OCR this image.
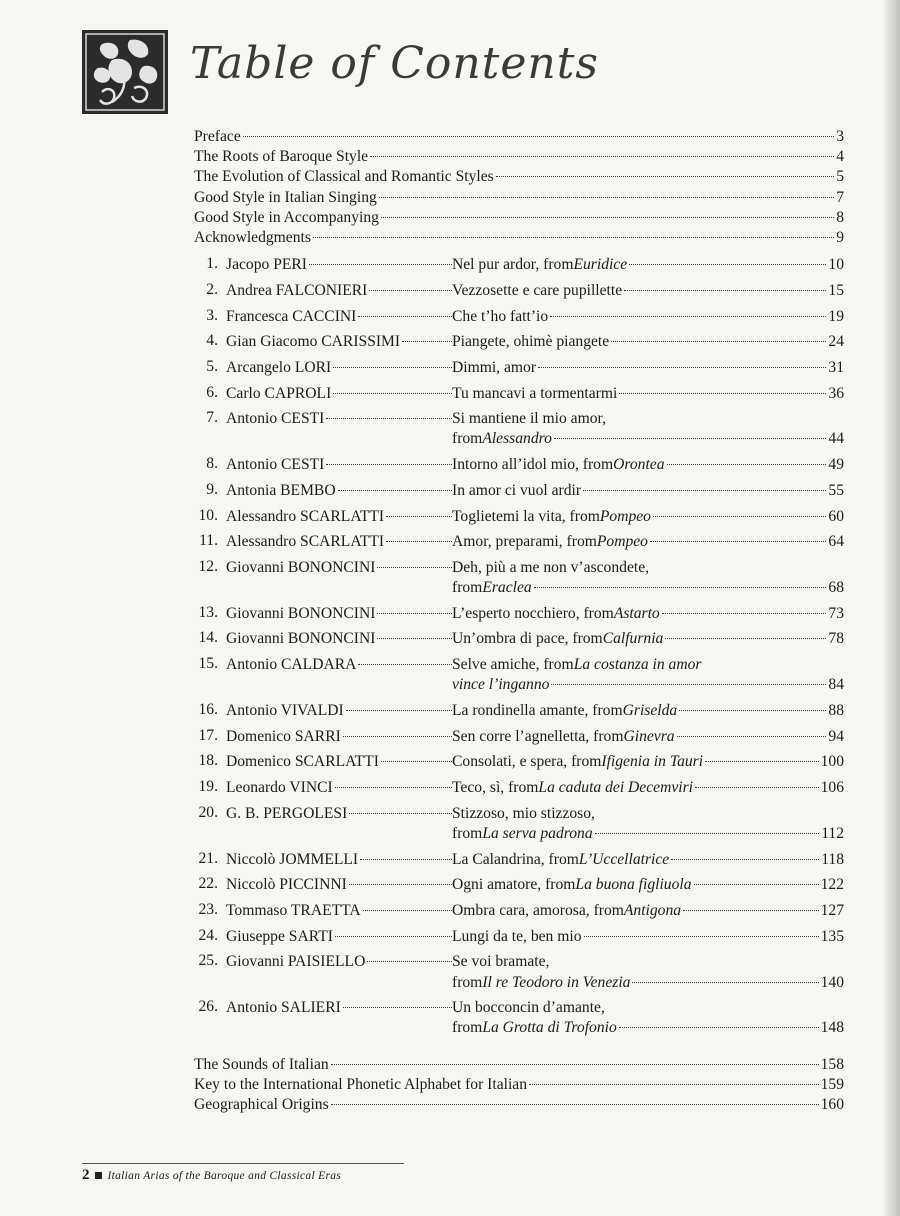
Table of Contents
Preface	3
The Roots of Baroque Style	4
The Evolution of Classical and Romantic Styles	5
Good Style in Italian Singing	7
Good Style in Accompanying	8
Acknowledgments	9
1. Jacopo PERI	Nel pur ardor, from Euridice	10
2. Andrea FALCONIERI	Vezzosette e care pupillette	15
3. Francesca CACCINI	Che t’ho fatt’io	19
4. Gian Giacomo CARISSIMI	Piangete, ohimè piangete	24
5. Arcangelo LORI	Dimmi, amor	31
6. Carlo CAPROLI	Tu mancavi a tormentarmi	36
7. Antonio CESTI	Si mantiene il mio amor,
from Alessandro	44
8. Antonio CESTI	Intorno all’idol mio, from Orontea	49
9. Antonia BEMBO	In amor ci vuol ardir	55
10. Alessandro SCARLATTI	Toglietemi la vita, from Pompeo	60
11. Alessandro SCARLATTI	Amor, preparami, from Pompeo	64
12. Giovanni BONONCINI	Deh, più a me non v’ascondete,
from Eraclea	68
13. Giovanni BONONCINI	L’esperto nocchiero, from Astarto	73
14. Giovanni BONONCINI	Un’ombra di pace, from Calfurnia	78
15. Antonio CALDARA	Selve amiche, from La costanza in amor
vince l’inganno	84
16. Antonio VIVALDI	La rondinella amante, from Griselda	88
17. Domenico SARRI	Sen corre l’agnelletta, from Ginevra	94
18. Domenico SCARLATTI	Consolati, e spera, from Ifigenia in Tauri	100
19. Leonardo VINCI	Teco, sì, from La caduta dei Decemviri	106
20. G. B. PERGOLESI	Stizzoso, mio stizzoso,
from La serva padrona	112
21. Niccolò JOMMELLI	La Calandrina, from L’Uccellatrice	118
22. Niccolò PICCINNI	Ogni amatore, from La buona figliuola	122
23. Tommaso TRAETTA	Ombra cara, amorosa, from Antigona	127
24. Giuseppe SARTI	Lungi da te, ben mio	135
25. Giovanni PAISIELLO	Se voi bramate,
from Il re Teodoro in Venezia	140
26. Antonio SALIERI	Un bocconcin d’amante,
from La Grotta di Trofonio	148
The Sounds of Italian	158
Key to the International Phonetic Alphabet for Italian	159
Geographical Origins	160
2 Italian Arias of the Baroque and Classical Eras
